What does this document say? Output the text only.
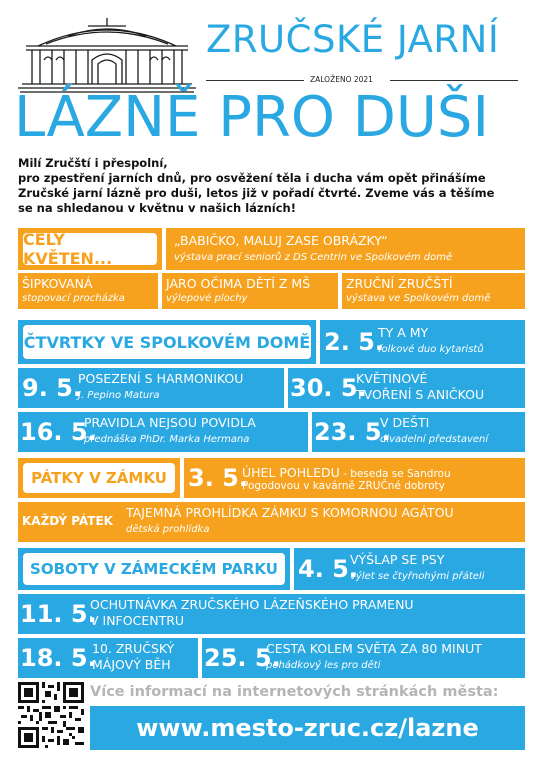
ZRUČSKÉ JARNÍ
ZALOŽENO 2021
LÁZNĚ PRO DUŠI
Milí Zručští i přespolní,
pro zpestření jarních dnů, pro osvěžení těla i ducha vám opět přinášíme
Zručské jarní lázně pro duši, letos již v pořadí čtvrté. Zveme vás a těšíme
se na shledanou v květnu v našich lázních!
CELÝ KVĚTEN...
„BABIČKO, MALUJ ZASE OBRÁZKY“
výstava prací seniorů z DS Centrin ve Spolkovém domě
ŠIPKOVANÁ
stopovací procházka
JARO OČIMA DĚTÍ Z MŠ
výlepové plochy
ZRUČNÍ ZRUČŠTÍ
výstava ve Spolkovém domě
ČTVRTKY VE SPOLKOVÉM DOMĚ 2. 5.
TY A MY
folkové duo kytaristů
9. 5.
POSEZENÍ S HARMONIKOU
J. Pepino Matura	30. 5.
KVĚTINOVÉ
TVOŘENÍ S ANIČKOU
16. 5.
PRAVIDLA NEJSOU POVIDLA
přednáška PhDr. Marka Hermana	23. 5.
V DEŠTI
divadelní představení
PÁTKY V ZÁMKU 3. 5.
ÚHEL POHLEDU - beseda se Sandrou
Pogodovou v kavárně ZRUČné dobroty
KAŽDÝ PÁTEK
TAJEMNÁ PROHLÍDKA ZÁMKU S KOMORNOU AGÁTOU
dětská prohlídka
SOBOTY V ZÁMECKÉM PARKU 4. 5.
VÝŠLAP SE PSY
výlet se čtyřnohými přáteli
11. 5.
OCHUTNÁVKA ZRUČSKÉHO LÁZEŇSKÉHO PRAMENU
V INFOCENTRU
18. 5.
10. ZRUČSKÝ
MÁJOVÝ BĚH 25. 5.
CESTA KOLEM SVĚTA ZA 80 MINUT
pohádkový les pro děti
Více informací na internetových stránkách města:
www.mesto-zruc.cz/lazne
